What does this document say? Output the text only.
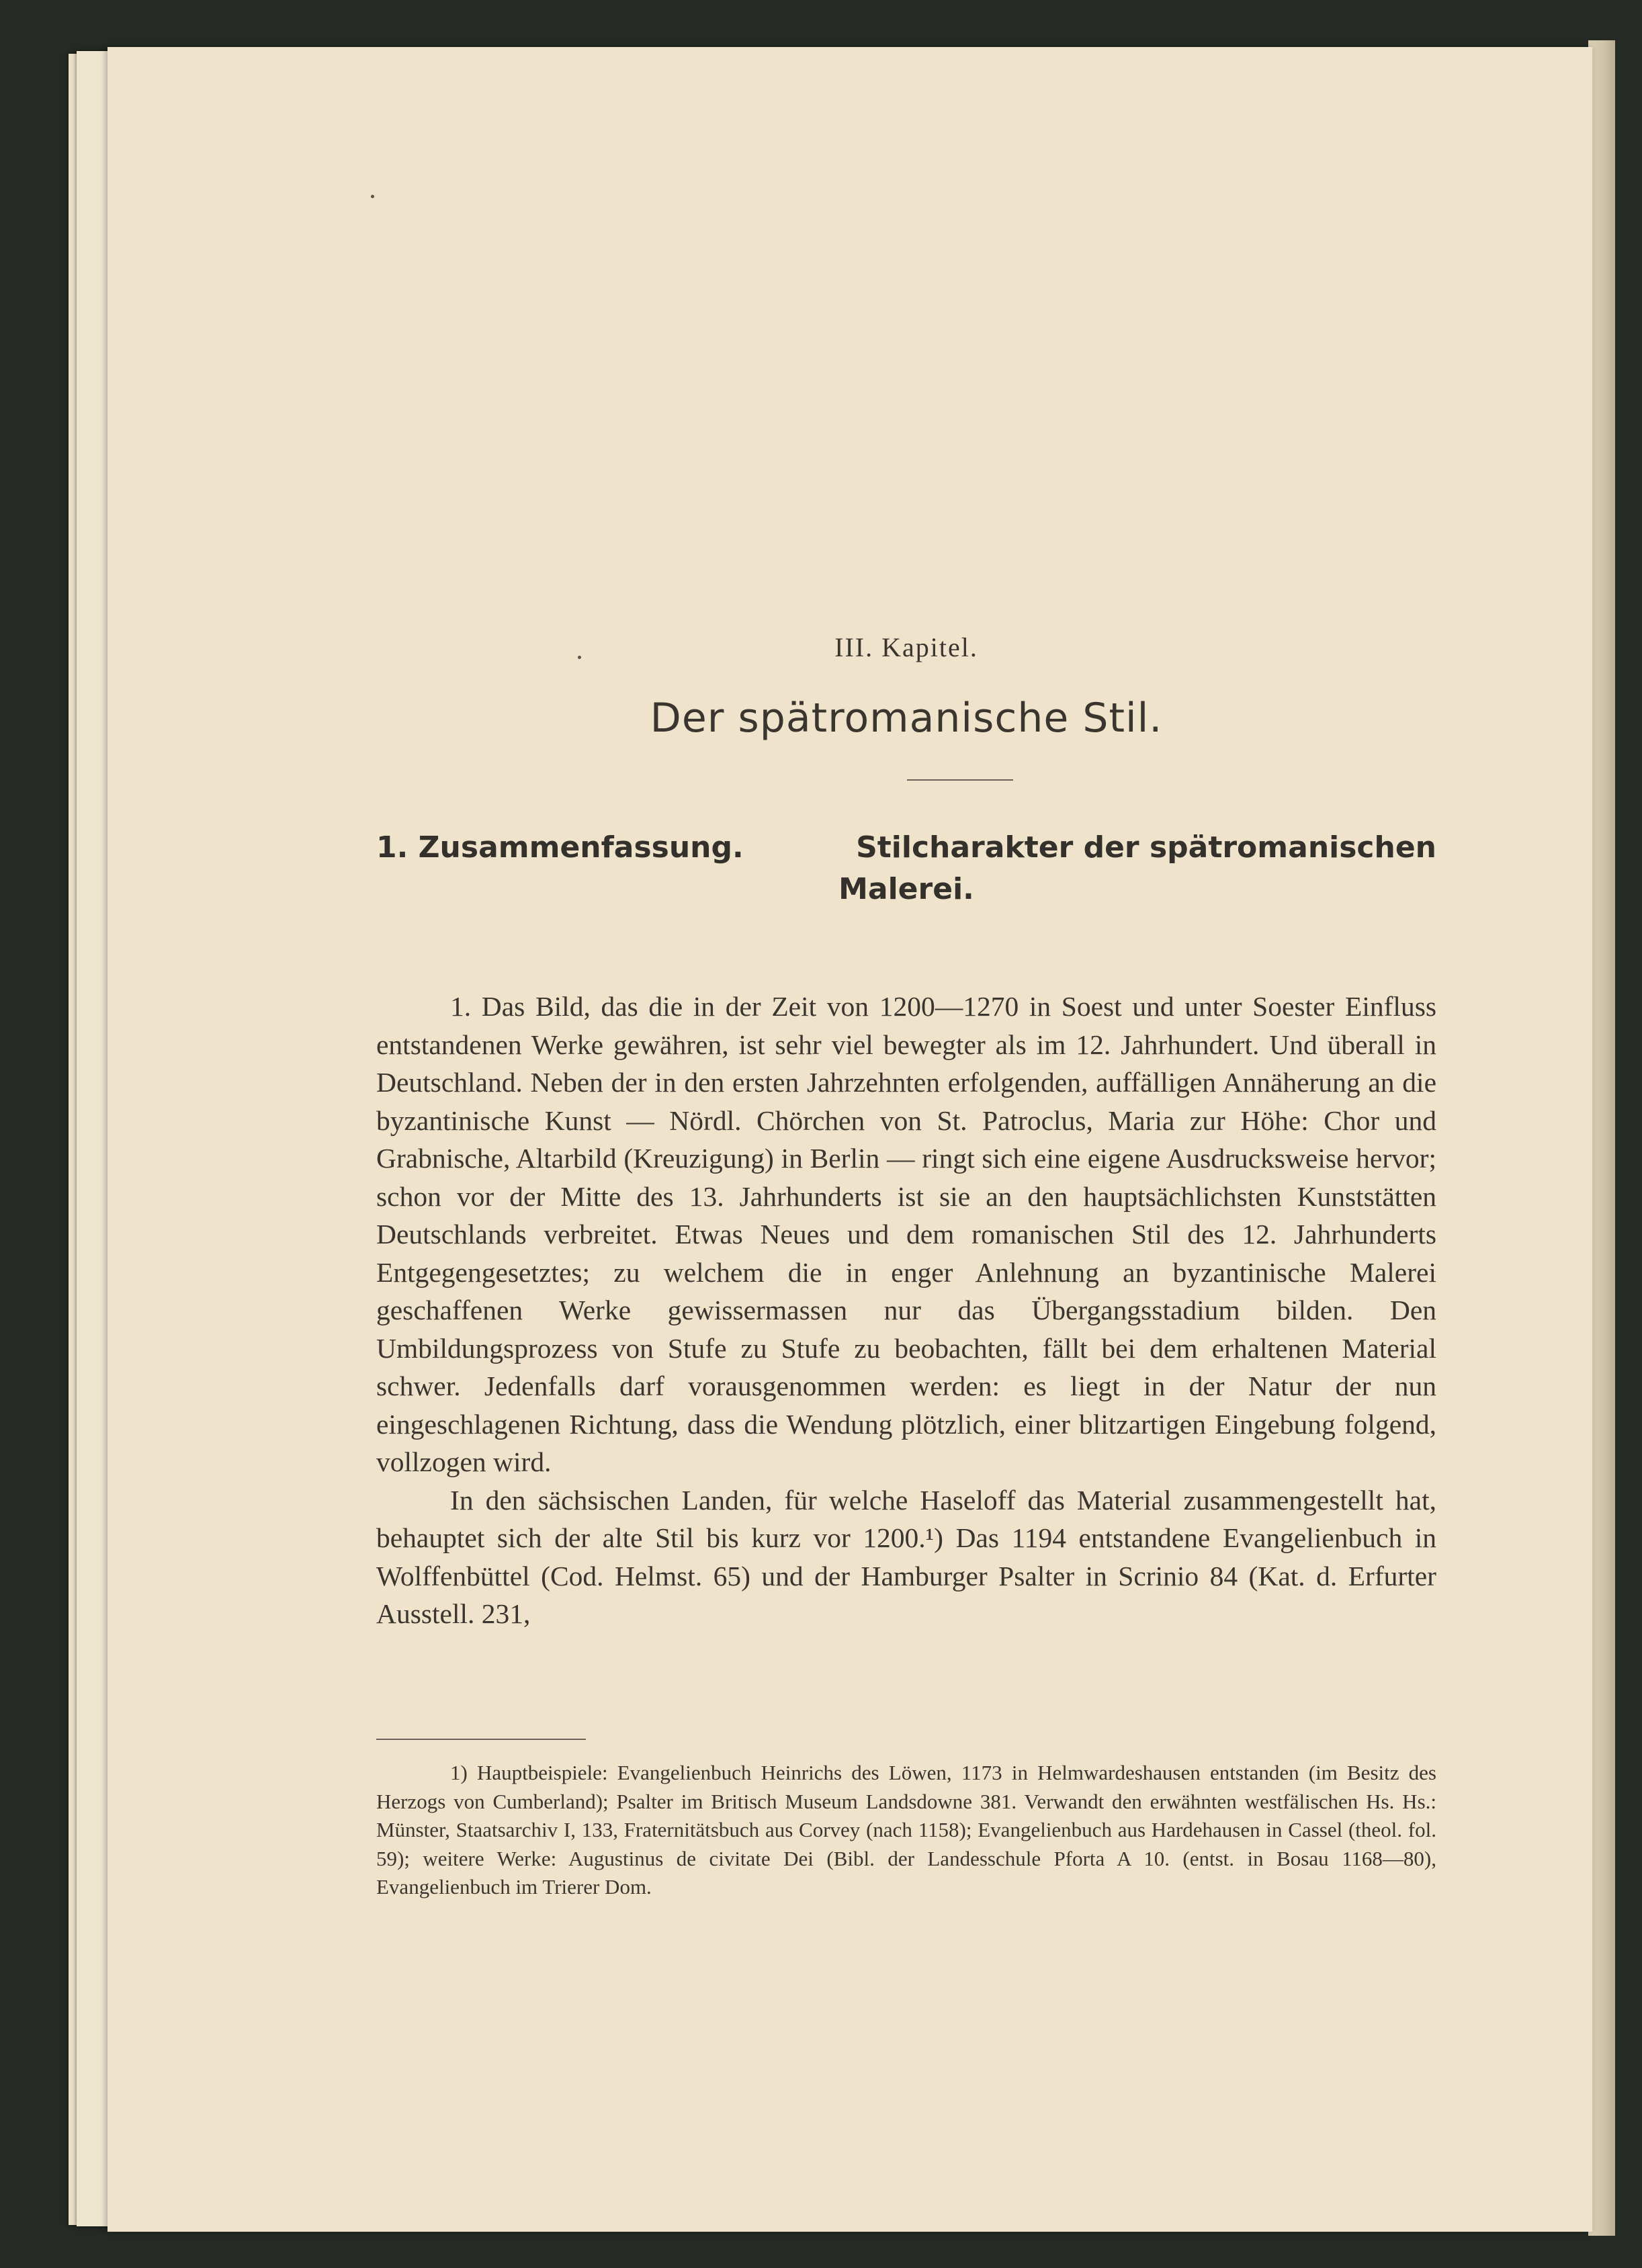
III. Kapitel.
Der spätromanische Stil.
1. Zusammenfassung.	Stilcharakter der spätromanischen
Malerei.

1. Das Bild, das die in der Zeit von 1200—1270 in Soest und unter Soester Einfluss entstandenen Werke gewähren, ist sehr viel bewegter als im 12. Jahrhundert. Und überall in Deutschland. Neben der in den ersten Jahrzehnten erfolgenden, auffälligen Annäherung an die byzantinische Kunst — Nördl. Chörchen von St. Patroclus, Maria zur Höhe: Chor und Grabnische, Altarbild (Kreuzigung) in Berlin — ringt sich eine eigene Ausdrucksweise hervor; schon vor der Mitte des 13. Jahrhunderts ist sie an den hauptsächlichsten Kunststätten Deutschlands verbreitet. Etwas Neues und dem romanischen Stil des 12. Jahrhunderts Entgegengesetztes; zu welchem die in enger Anlehnung an byzantinische Malerei geschaffenen Werke gewissermassen nur das Übergangsstadium bilden. Den Umbildungsprozess von Stufe zu Stufe zu beobachten, fällt bei dem erhaltenen Material schwer. Jedenfalls darf vorausgenommen werden: es liegt in der Natur der nun eingeschlagenen Richtung, dass die Wendung plötzlich, einer blitzartigen Eingebung folgend, vollzogen wird.

In den sächsischen Landen, für welche Haseloff das Material zusammengestellt hat, behauptet sich der alte Stil bis kurz vor 1200.¹) Das 1194 entstandene Evangelienbuch in Wolffenbüttel (Cod. Helmst. 65) und der Hamburger Psalter in Scrinio 84 (Kat. d. Erfurter Ausstell. 231,

1) Hauptbeispiele: Evangelienbuch Heinrichs des Löwen, 1173 in Helmwardeshausen entstanden (im Besitz des Herzogs von Cumberland); Psalter im Britisch Museum Landsdowne 381. Verwandt den erwähnten westfälischen Hs. Hs.: Münster, Staatsarchiv I, 133, Fraternitätsbuch aus Corvey (nach 1158); Evangelienbuch aus Hardehausen in Cassel (theol. fol. 59); weitere Werke: Augustinus de civitate Dei (Bibl. der Landesschule Pforta A 10. (entst. in Bosau 1168—80), Evangelienbuch im Trierer Dom.
